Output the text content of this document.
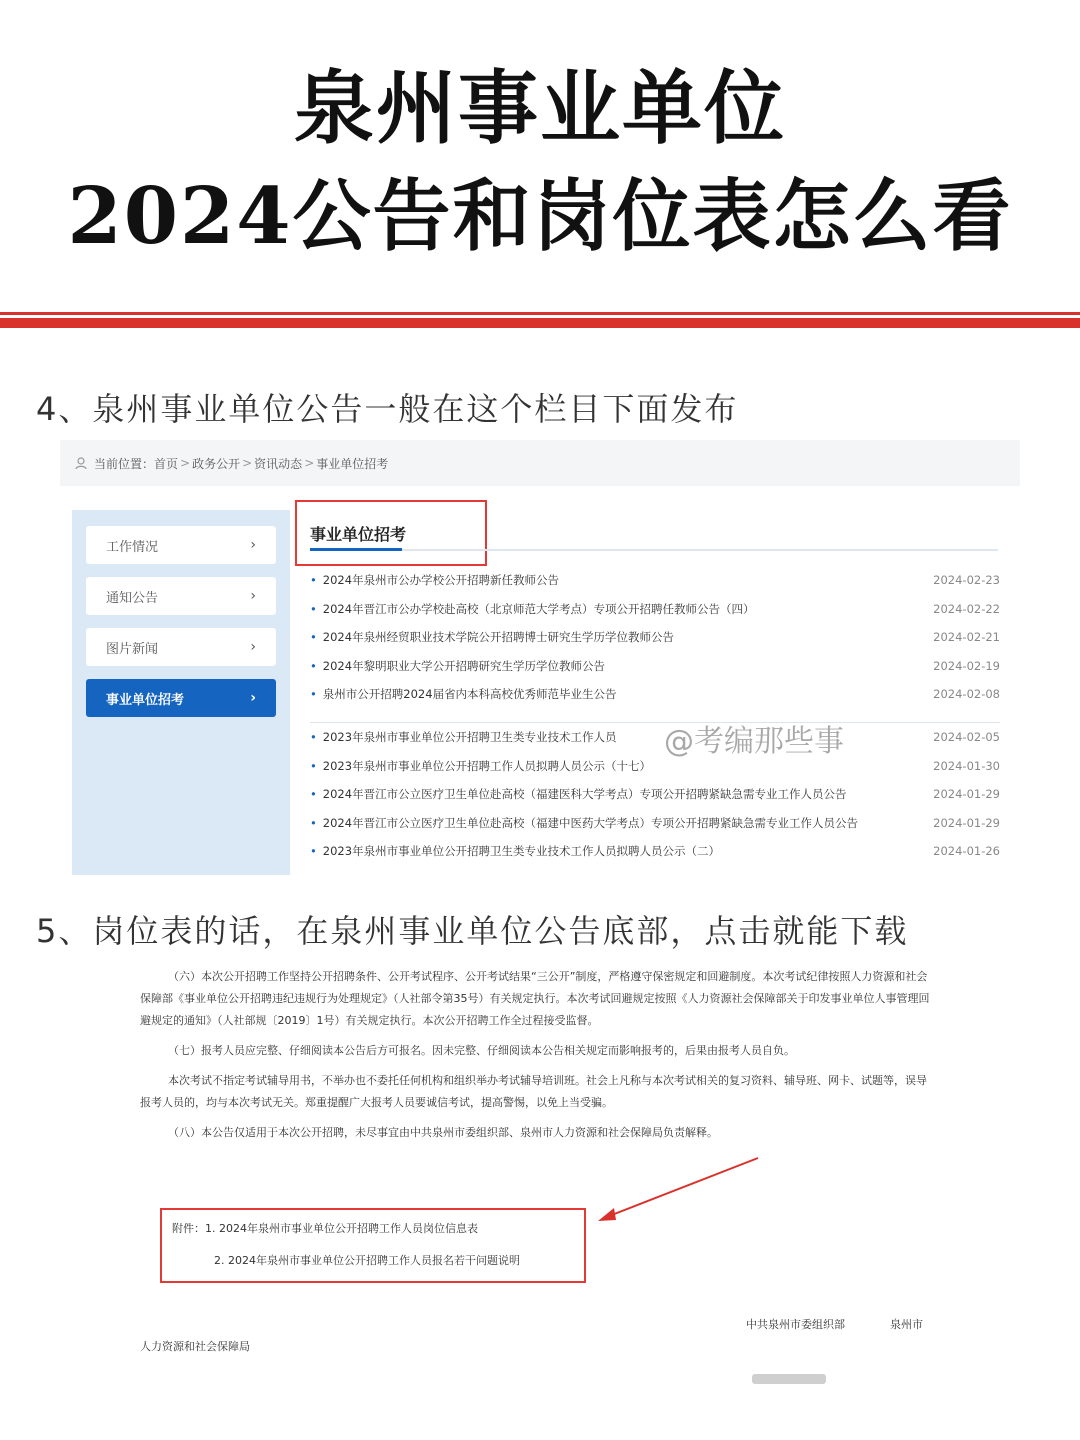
泉州事业单位
2024公告和岗位表怎么看
4、泉州事业单位公告一般在这个栏目下面发布
当前位置： 首页 > 政务公开 > 资讯动态 > 事业单位招考
工作情况	›
通知公告	›
图片新闻	›
事业单位招考	›
事业单位招考
• 2024年泉州市公办学校公开招聘新任教师公告	2024-02-23
• 2024年晋江市公办学校赴高校（北京师范大学考点）专项公开招聘任教师公告（四）	2024-02-22
• 2024年泉州经贸职业技术学院公开招聘博士研究生学历学位教师公告	2024-02-21
• 2024年黎明职业大学公开招聘研究生学历学位教师公告	2024-02-19
• 泉州市公开招聘2024届省内本科高校优秀师范毕业生公告	2024-02-08
• 2023年泉州市事业单位公开招聘卫生类专业技术工作人员	2024-02-05
• 2023年泉州市事业单位公开招聘工作人员拟聘人员公示（十七）	2024-01-30
• 2024年晋江市公立医疗卫生单位赴高校（福建医科大学考点）专项公开招聘紧缺急需专业工作人员公告	2024-01-29
• 2024年晋江市公立医疗卫生单位赴高校（福建中医药大学考点）专项公开招聘紧缺急需专业工作人员公告	2024-01-29
• 2023年泉州市事业单位公开招聘卫生类专业技术工作人员拟聘人员公示（二）	2024-01-26
@考编那些事
5、岗位表的话，在泉州事业单位公告底部，点击就能下载

（六）本次公开招聘工作坚持公开招聘条件、公开考试程序、公开考试结果“三公开”制度，严格遵守保密规定和回避制度。本次考试纪律按照人力资源和社会保障部《事业单位公开招聘违纪违规行为处理规定》（人社部令第35号）有关规定执行。本次考试回避规定按照《人力资源社会保障部关于印发事业单位人事管理回避规定的通知》（人社部规〔2019〕1号）有关规定执行。本次公开招聘工作全过程接受监督。

（七）报考人员应完整、仔细阅读本公告后方可报名。因未完整、仔细阅读本公告相关规定而影响报考的，后果由报考人员自负。

本次考试不指定考试辅导用书，不举办也不委托任何机构和组织举办考试辅导培训班。社会上凡称与本次考试相关的复习资料、辅导班、网卡、试题等，误导报考人员的，均与本次考试无关。郑重提醒广大报考人员要诚信考试，提高警惕，以免上当受骗。

（八）本公告仅适用于本次公开招聘，未尽事宜由中共泉州市委组织部、泉州市人力资源和社会保障局负责解释。

附件：1. 2024年泉州市事业单位公开招聘工作人员岗位信息表
2. 2024年泉州市事业单位公开招聘工作人员报名若干问题说明
中共泉州市委组织部	泉州市
人力资源和社会保障局
